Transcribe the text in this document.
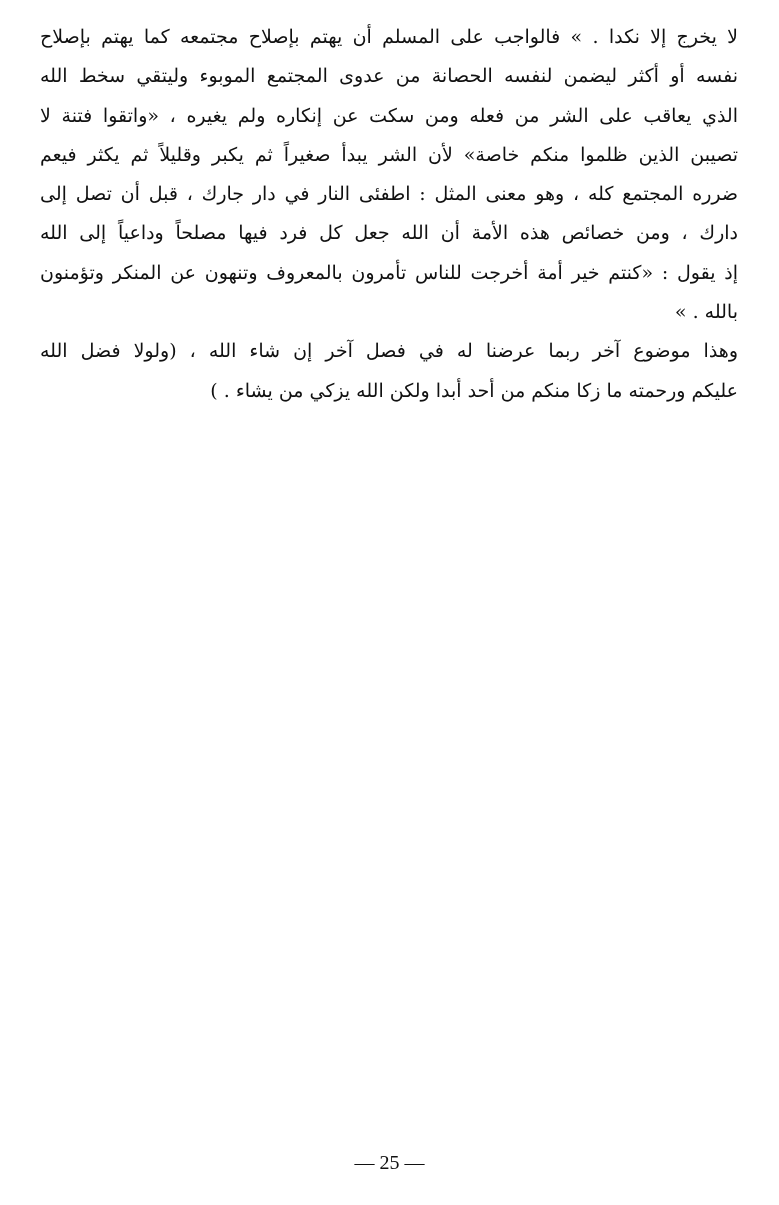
لا يخرج إلا نكدا . » فالواجب على المسلم أن يهتم بإصلاح مجتمعه كما يهتم بإصلاح
نفسه أو أكثر ليضمن لنفسه الحصانة من عدوى المجتمع الموبوء وليتقي سخط الله
الذي يعاقب على الشر من فعله ومن سكت عن إنكاره ولم يغيره ، «واتقوا فتنة لا
تصيبن الذين ظلموا منكم خاصة» لأن الشر يبدأ صغيراً ثم يكبر وقليلاً ثم يكثر فيعم
ضرره المجتمع كله ، وهو معنى المثل : اطفئى النار في دار جارك ، قبل أن تصل إلى
دارك ، ومن خصائص هذه الأمة أن الله جعل كل فرد فيها مصلحاً وداعياً إلى الله
إذ يقول : «كنتم خير أمة أخرجت للناس تأمرون بالمعروف وتنهون عن المنكر وتؤمنون
بالله . »
وهذا موضوع آخر ربما عرضنا له في فصل آخر إن شاء الله ، (ولولا فضل الله
عليكم ورحمته ما زكا منكم من أحد أبدا ولكن الله يزكي من يشاء . )
— 25 —
